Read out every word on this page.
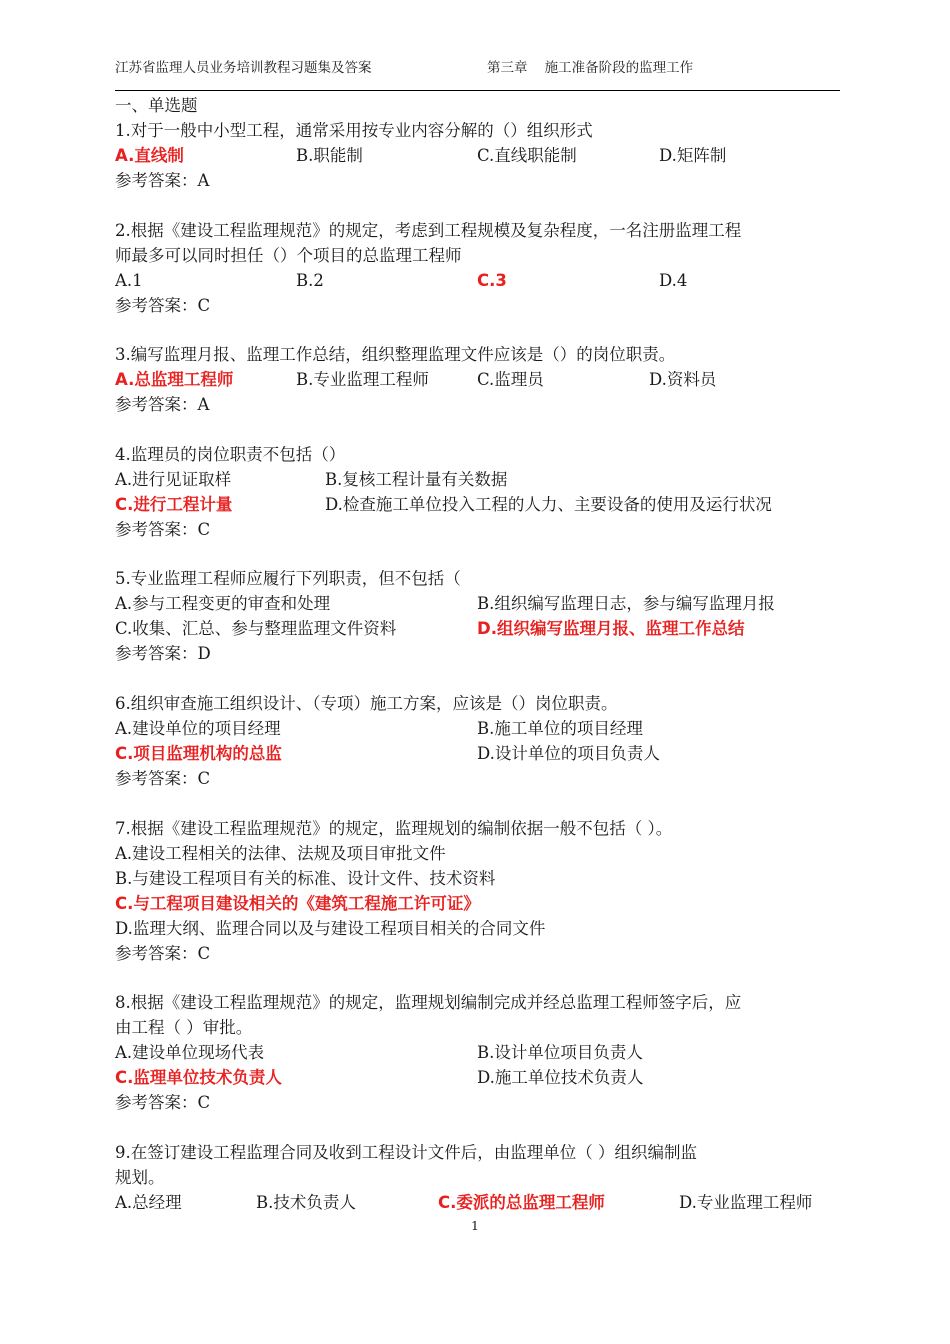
江苏省监理人员业务培训教程习题集及答案	第三章    施工准备阶段的监理工作
一、单选题
1.对于一般中小型工程，通常采用按专业内容分解的（）组织形式
A.直线制	B.职能制	C.直线职能制	D.矩阵制
参考答案：A
2.根据《建设工程监理规范》的规定，考虑到工程规模及复杂程度，一名注册监理工程
师最多可以同时担任（）个项目的总监理工程师
A.1	B.2	C.3	D.4
参考答案：C
3.编写监理月报、监理工作总结，组织整理监理文件应该是（）的岗位职责。
A.总监理工程师	B.专业监理工程师	C.监理员	D.资料员
参考答案：A
4.监理员的岗位职责不包括（）
A.进行见证取样	B.复核工程计量有关数据
C.进行工程计量	D.检查施工单位投入工程的人力、主要设备的使用及运行状况
参考答案：C
5.专业监理工程师应履行下列职责，但不包括（
A.参与工程变更的审查和处理	B.组织编写监理日志，参与编写监理月报
C.收集、汇总、参与整理监理文件资料	D.组织编写监理月报、监理工作总结
参考答案：D
6.组织审查施工组织设计、（专项）施工方案，应该是（）岗位职责。
A.建设单位的项目经理	B.施工单位的项目经理
C.项目监理机构的总监	D.设计单位的项目负责人
参考答案：C
7.根据《建设工程监理规范》的规定，监理规划的编制依据一般不包括（ ）。
A.建设工程相关的法律、法规及项目审批文件
B.与建设工程项目有关的标准、设计文件、技术资料
C.与工程项目建设相关的《建筑工程施工许可证》
D.监理大纲、监理合同以及与建设工程项目相关的合同文件
参考答案：C
8.根据《建设工程监理规范》的规定，监理规划编制完成并经总监理工程师签字后，应
由工程（ ）审批。
A.建设单位现场代表	B.设计单位项目负责人
C.监理单位技术负责人	D.施工单位技术负责人
参考答案：C
9.在签订建设工程监理合同及收到工程设计文件后，由监理单位（ ）组织编制监
规划。
A.总经理	B.技术负责人	C.委派的总监理工程师	D.专业监理工程师
1
